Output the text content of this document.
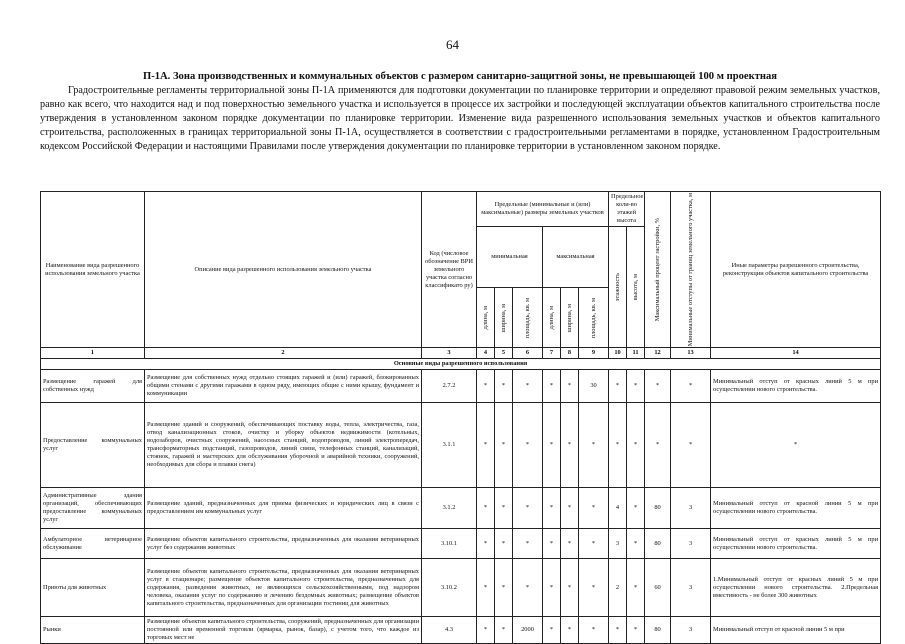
64
П-1А. Зона производственных и коммунальных объектов с размером санитарно-защитной зоны, не превышающей 100 м проектная

Градостроительные регламенты территориальной зоны П-1А применяются для подготовки документации по планировке территории и определяют правовой режим земельных участков, равно как всего, что находится над и под поверхностью земельного участка и используется в процессе их застройки и последующей эксплуатации объектов капитального строительства после утверждения в установленном законом порядке документации по планировке территории. Изменение вида разрешенного использования земельных участков и объектов капитального строительства, расположенных в границах территориальной зоны П-1А, осуществляется в соответствии с градостроительными регламентами в порядке, установленном Градостроительным кодексом Российской Федерации и настоящими Правилами после утверждения документации по планировке территории в установленном законом порядке.

Наименование вида разрешенного использования земельного участка	Описание вида разрешенного использования земельного участка	Код (числовое обозначение ВРИ земельного участка согласно классификато ру)	Предельные (минимальные и (или) максимальные) размеры земельных участков						Предельное коли-во этажей высота		Максимальный процент застройки, %	Минимальные отступы от границ земельного участка, м	Иные параметры разрешенного строительства, реконструкции объектов капитального строительства
			минимальная			максимальная			этажность	высота, м			

			длина, м	ширина, м	площадь, кв. м	длина, м	ширина, м	площадь, кв. м					

1	2	3	4	5	6	7	8	9	10	11	12	13	14
Основные виды разрешенного использования													
Размещение гаражей для собственных нужд	Размещение для собственных нужд отдельно стоящих гаражей и (или) гаражей, блокированных общими стенами с другими гаражами в одном ряду, имеющих общие с ними крышу, фундамент и коммуникации	2.7.2	*	*	*	*	*	30	*	*	*	*	Минимальный отступ от красных линий 5 м при осуществлении нового строительства.
Предоставление коммунальных услуг	Размещение зданий и сооружений, обеспечивающих поставку воды, тепла, электричества, газа, отвод канализационных стоков, очистку и уборку объектов недвижимости (котельных, водозаборов, очистных сооружений, насосных станций, водопроводов, линий электропередач, трансформаторных подстанций, газопроводов, линий связи, телефонных станций, канализаций, стоянок, гаражей и мастерских для обслуживания уборочной и аварийной техники, сооружений, необходимых для сбора и плавки снега)	3.1.1	*	*	*	*	*	*	*	*	*	*	*
Административные здания организаций, обеспечивающих предоставление коммунальных услуг	Размещение зданий, предназначенных для приема физических и юридических лиц в связи с предоставлением им коммунальных услуг	3.1.2	*	*	*	*	*	*	4	*	80	3	Минимальный отступ от красной линии 5 м при осуществлении нового строительства.
Амбулаторное ветеринарное обслуживание	Размещение объектов капитального строительства, предназначенных для оказания ветеринарных услуг без содержания животных	3.10.1	*	*	*	*	*	*	3	*	80	3	Минимальный отступ от красных линий 5 м при осуществлении нового строительства.
Приюты для животных	Размещение объектов капитального строительства, предназначенных для оказания ветеринарных услуг в стационаре; размещение объектов капитального строительства, предназначенных для содержания, разведения животных, не являющихся сельскохозяйственными, под надзором человека, оказания услуг по содержанию и лечению бездомных животных; размещение объектов капитального строительства, предназначенных для организации гостиниц для животных	3.10.2	*	*	*	*	*	*	2	*	60	3	1.Минимальный отступ от красных линий 5 м при осуществлении нового строительства. 2.Предельная вместимость - не более 300 животных
Рынки	Размещение объектов капитального строительства, сооружений, предназначенных для организации постоянной или временной торговли (ярмарка, рынок, базар), с учетом того, что каждое из торговых мест не	4.3	*	*	2000	*	*	*	*	*	80	3	Минимальный отступ от красной линии 5 м при
